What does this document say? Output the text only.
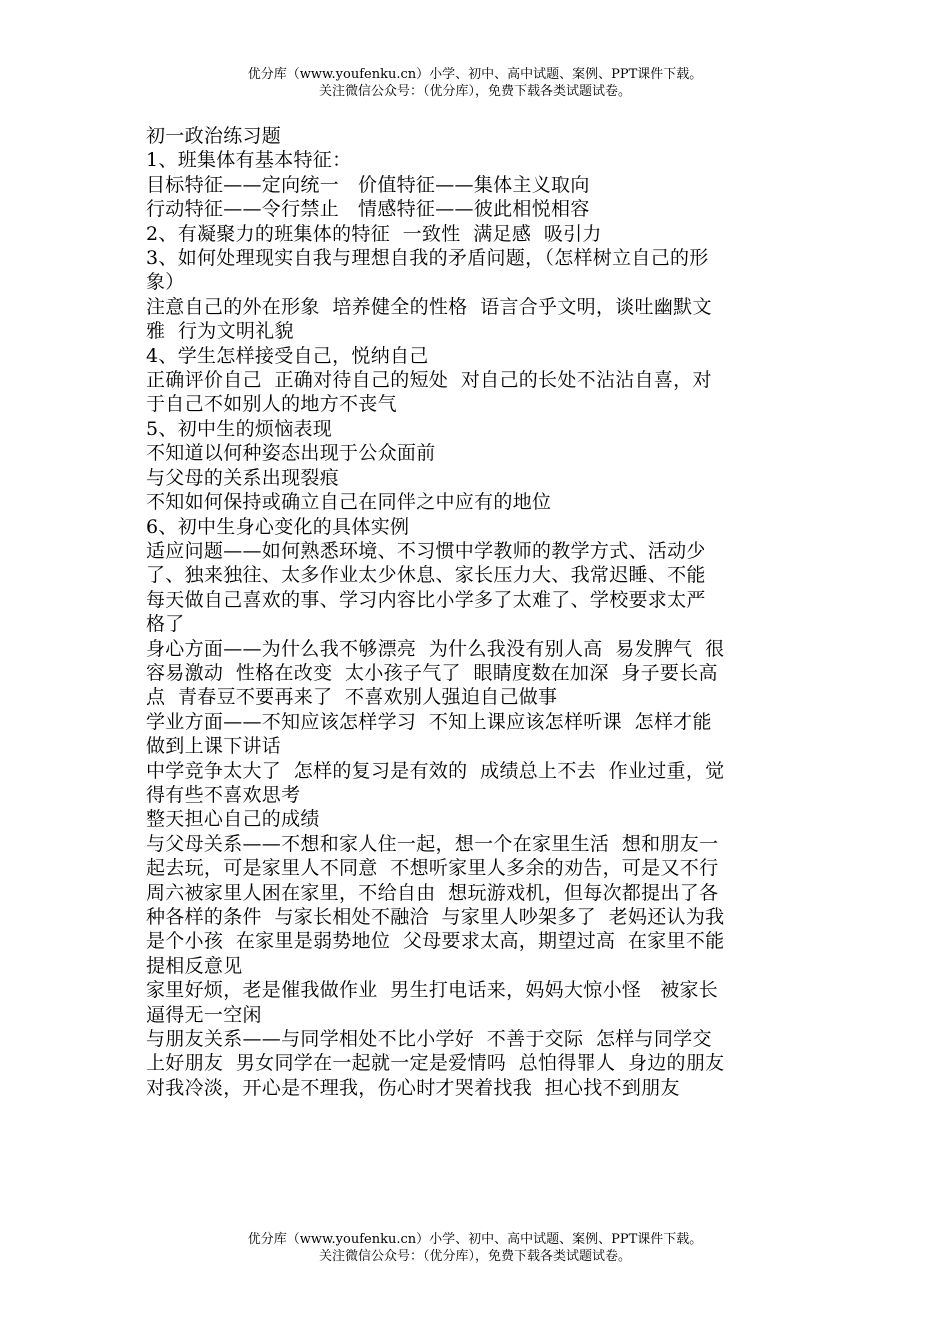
优分库（www.youfenku.cn）小学、初中、高中试题、案例、PPT课件下载。
关注微信公众号：（优分库），免费下载各类试题试卷。
初一政治练习题
1、班集体有基本特征：
目标特征——定向统一   价值特征——集体主义取向
行动特征——令行禁止   情感特征——彼此相悦相容
2、有凝聚力的班集体的特征  一致性  满足感  吸引力
3、如何处理现实自我与理想自我的矛盾问题，（怎样树立自己的形
象）
注意自己的外在形象  培养健全的性格  语言合乎文明，谈吐幽默文
雅  行为文明礼貌
4、学生怎样接受自己，悦纳自己
正确评价自己  正确对待自己的短处  对自己的长处不沾沾自喜，对
于自己不如别人的地方不丧气
5、初中生的烦恼表现
不知道以何种姿态出现于公众面前
与父母的关系出现裂痕
不知如何保持或确立自己在同伴之中应有的地位
6、初中生身心变化的具体实例
适应问题——如何熟悉环境、不习惯中学教师的教学方式、活动少
了、独来独往、太多作业太少休息、家长压力大、我常迟睡、不能
每天做自己喜欢的事、学习内容比小学多了太难了、学校要求太严
格了
身心方面——为什么我不够漂亮  为什么我没有别人高  易发脾气  很
容易激动  性格在改变  太小孩子气了  眼睛度数在加深  身子要长高
点  青春豆不要再来了  不喜欢别人强迫自己做事
学业方面——不知应该怎样学习  不知上课应该怎样听课  怎样才能
做到上课下讲话
中学竞争太大了  怎样的复习是有效的  成绩总上不去  作业过重，觉
得有些不喜欢思考
整天担心自己的成绩
与父母关系——不想和家人住一起，想一个在家里生活  想和朋友一
起去玩，可是家里人不同意  不想听家里人多余的劝告，可是又不行
周六被家里人困在家里，不给自由  想玩游戏机，但每次都提出了各
种各样的条件  与家长相处不融洽  与家里人吵架多了  老妈还认为我
是个小孩  在家里是弱势地位  父母要求太高，期望过高  在家里不能
提相反意见
家里好烦，老是催我做作业  男生打电话来，妈妈大惊小怪   被家长
逼得无一空闲
与朋友关系——与同学相处不比小学好  不善于交际  怎样与同学交
上好朋友  男女同学在一起就一定是爱情吗  总怕得罪人  身边的朋友
对我冷淡，开心是不理我，伤心时才哭着找我  担心找不到朋友
优分库（www.youfenku.cn）小学、初中、高中试题、案例、PPT课件下载。
关注微信公众号：（优分库），免费下载各类试题试卷。
